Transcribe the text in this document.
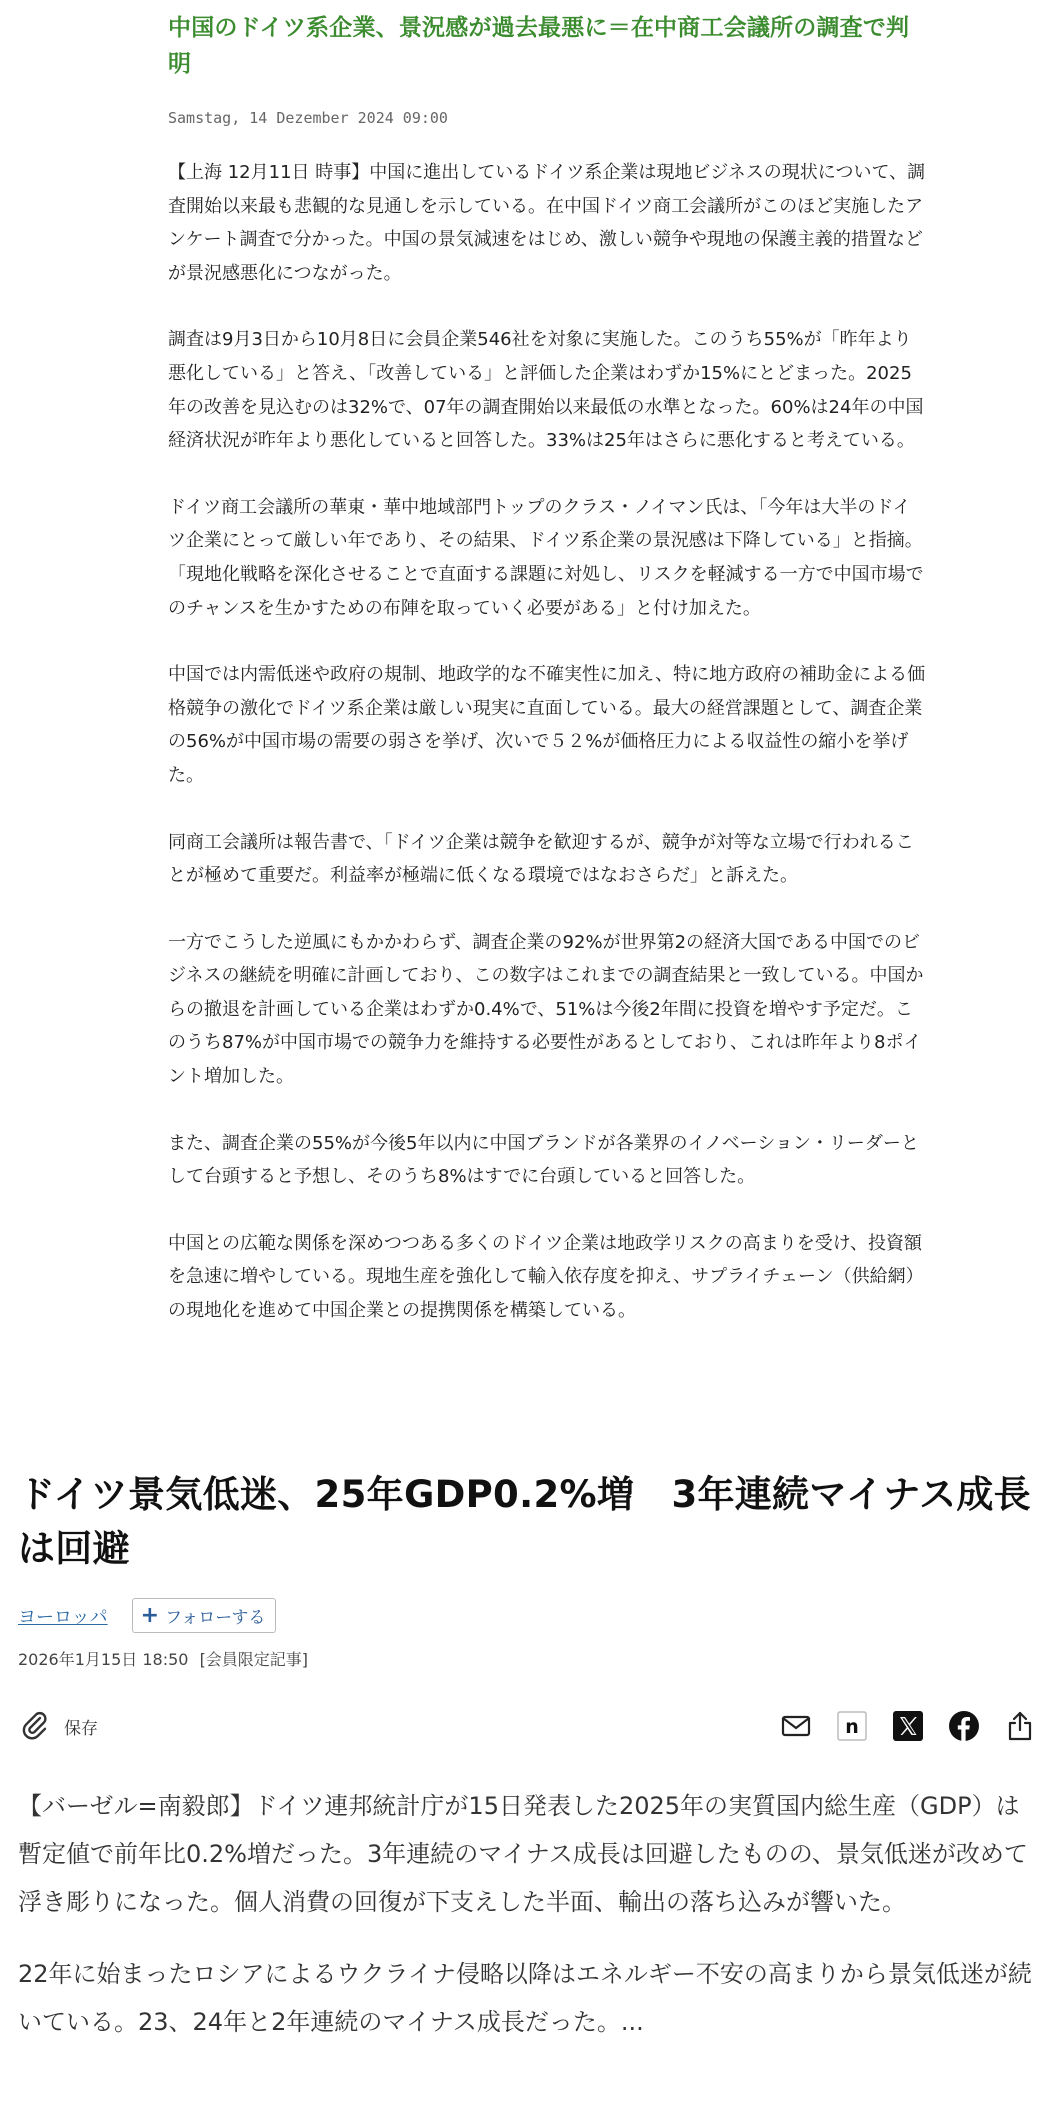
中国のドイツ系企業、景況感が過去最悪に＝在中商工会議所の調査で判明
Samstag, 14 Dezember 2024 09:00

【上海 12月11日 時事】中国に進出しているドイツ系企業は現地ビジネスの現状について、調査開始以来最も悲観的な見通しを示している。在中国ドイツ商工会議所がこのほど実施したアンケート調査で分かった。中国の景気減速をはじめ、激しい競争や現地の保護主義的措置などが景況感悪化につながった。

調査は9月3日から10月8日に会員企業546社を対象に実施した。このうち55%が「昨年より悪化している」と答え、「改善している」と評価した企業はわずか15%にとどまった。2025年の改善を見込むのは32%で、07年の調査開始以来最低の水準となった。60%は24年の中国経済状況が昨年より悪化していると回答した。33%は25年はさらに悪化すると考えている。

ドイツ商工会議所の華東・華中地域部門トップのクラス・ノイマン氏は、「今年は大半のドイツ企業にとって厳しい年であり、その結果、ドイツ系企業の景況感は下降している」と指摘。「現地化戦略を深化させることで直面する課題に対処し、リスクを軽減する一方で中国市場でのチャンスを生かすための布陣を取っていく必要がある」と付け加えた。

中国では内需低迷や政府の規制、地政学的な不確実性に加え、特に地方政府の補助金による価格競争の激化でドイツ系企業は厳しい現実に直面している。最大の経営課題として、調査企業の56%が中国市場の需要の弱さを挙げ、次いで５２%が価格圧力による収益性の縮小を挙げた。

同商工会議所は報告書で、「ドイツ企業は競争を歓迎するが、競争が対等な立場で行われることが極めて重要だ。利益率が極端に低くなる環境ではなおさらだ」と訴えた。

一方でこうした逆風にもかかわらず、調査企業の92%が世界第2の経済大国である中国でのビジネスの継続を明確に計画しており、この数字はこれまでの調査結果と一致している。中国からの撤退を計画している企業はわずか0.4%で、51%は今後2年間に投資を増やす予定だ。このうち87%が中国市場での競争力を維持する必要性があるとしており、これは昨年より8ポイント増加した。

また、調査企業の55%が今後5年以内に中国ブランドが各業界のイノベーション・リーダーとして台頭すると予想し、そのうち8%はすでに台頭していると回答した。

中国との広範な関係を深めつつある多くのドイツ企業は地政学リスクの高まりを受け、投資額を急速に増やしている。現地生産を強化して輸入依存度を抑え、サプライチェーン（供給網）の現地化を進めて中国企業との提携関係を構築している。

ドイツ景気低迷、25年GDP0.2%増　3年連続マイナス成長は回避
ヨーロッパ + フォローする
2026年1月15日 18:50 [会員限定記事]
保存	n

【バーゼル=南毅郎】ドイツ連邦統計庁が15日発表した2025年の実質国内総生産（GDP）は暫定値で前年比0.2%増だった。3年連続のマイナス成長は回避したものの、景気低迷が改めて浮き彫りになった。個人消費の回復が下支えした半面、輸出の落ち込みが響いた。

22年に始まったロシアによるウクライナ侵略以降はエネルギー不安の高まりから景気低迷が続いている。23、24年と2年連続のマイナス成長だった。...
